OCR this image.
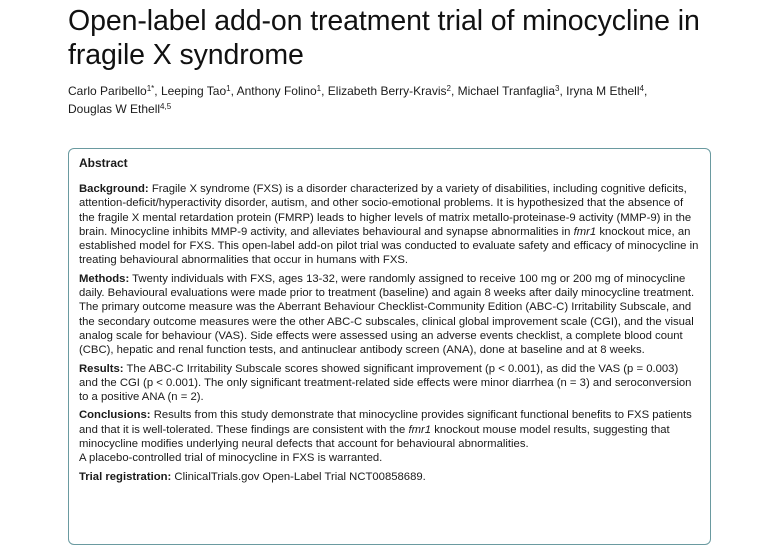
Open-label add-on treatment trial of minocycline in fragile X syndrome

Carlo Paribello$^{1*}$, Leeping Tao$^1$, Anthony Folino$^1$, Elizabeth Berry-Kravis$^2$, Michael Tranfaglia$^3$, Iryna M Ethell$^4$,
Douglas W Ethell$^{4,5}$

Abstract

Background: Fragile X syndrome (FXS) is a disorder characterized by a variety of disabilities, including cognitive deficits, attention-deficit/hyperactivity disorder, autism, and other socio-emotional problems. It is hypothesized that the absence of the fragile X mental retardation protein (FMRP) leads to higher levels of matrix metallo-proteinase-9 activity (MMP-9) in the brain. Minocycline inhibits MMP-9 activity, and alleviates behavioural and synapse abnormalities in fmr1 knockout mice, an established model for FXS. This open-label add-on pilot trial was conducted to evaluate safety and efficacy of minocycline in treating behavioural abnormalities that occur in humans with FXS.

Methods: Twenty individuals with FXS, ages 13-32, were randomly assigned to receive 100 mg or 200 mg of minocycline daily. Behavioural evaluations were made prior to treatment (baseline) and again 8 weeks after daily minocycline treatment. The primary outcome measure was the Aberrant Behaviour Checklist-Community Edition (ABC-C) Irritability Subscale, and the secondary outcome measures were the other ABC-C subscales, clinical global improvement scale (CGI), and the visual analog scale for behaviour (VAS). Side effects were assessed using an adverse events checklist, a complete blood count (CBC), hepatic and renal function tests, and antinuclear antibody screen (ANA), done at baseline and at 8 weeks.

Results: The ABC-C Irritability Subscale scores showed significant improvement (p < 0.001), as did the VAS (p = 0.003) and the CGI (p < 0.001). The only significant treatment-related side effects were minor diarrhea (n = 3) and seroconversion to a positive ANA (n = 2).

Conclusions: Results from this study demonstrate that minocycline provides significant functional benefits to FXS patients and that it is well-tolerated. These findings are consistent with the fmr1 knockout mouse model results, suggesting that minocycline modifies underlying neural defects that account for behavioural abnormalities.
A placebo-controlled trial of minocycline in FXS is warranted.

Trial registration: ClinicalTrials.gov Open-Label Trial NCT00858689.
